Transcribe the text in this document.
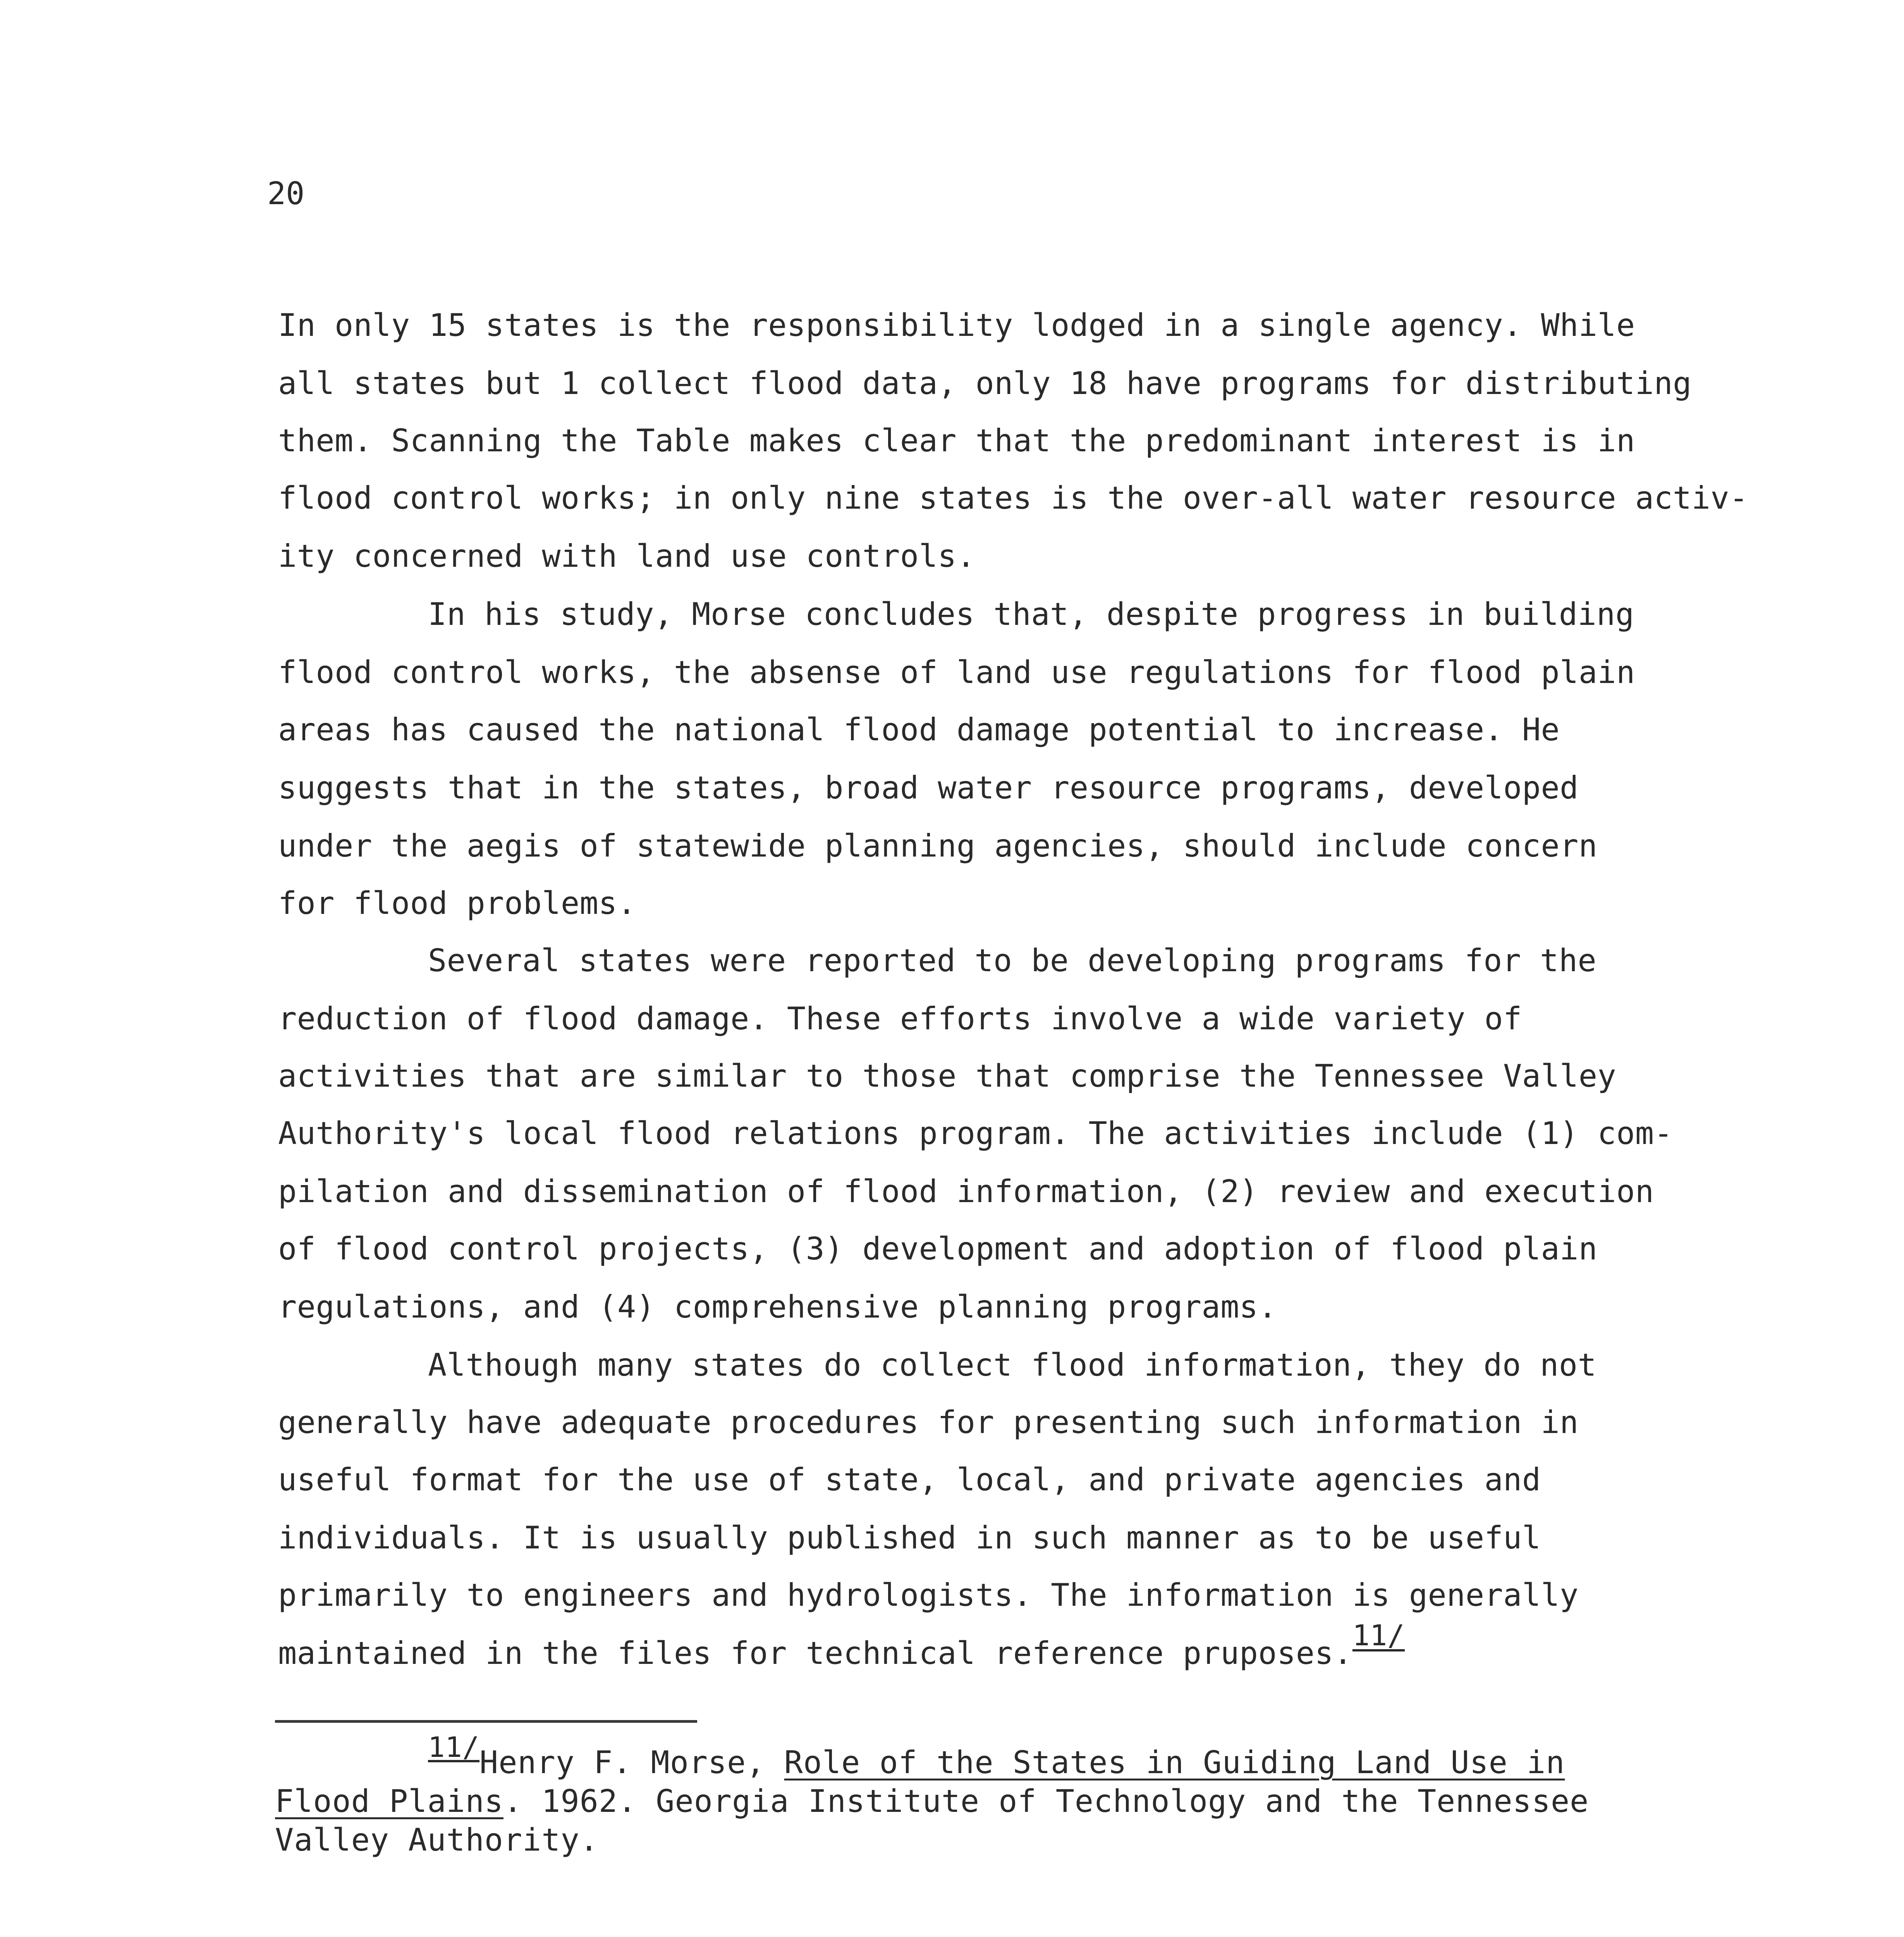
20
In only 15 states is the responsibility lodged in a single agency. While
all states but 1 collect flood data, only 18 have programs for distributing
them. Scanning the Table makes clear that the predominant interest is in
flood control works; in only nine states is the over-all water resource activ-
ity concerned with land use controls.
In his study, Morse concludes that, despite progress in building
flood control works, the absense of land use regulations for flood plain
areas has caused the national flood damage potential to increase. He
suggests that in the states, broad water resource programs, developed
under the aegis of statewide planning agencies, should include concern
for flood problems.
Several states were reported to be developing programs for the
reduction of flood damage. These efforts involve a wide variety of
activities that are similar to those that comprise the Tennessee Valley
Authority's local flood relations program. The activities include (1) com-
pilation and dissemination of flood information, (2) review and execution
of flood control projects, (3) development and adoption of flood plain
regulations, and (4) comprehensive planning programs.
Although many states do collect flood information, they do not
generally have adequate procedures for presenting such information in
useful format for the use of state, local, and private agencies and
individuals. It is usually published in such manner as to be useful
primarily to engineers and hydrologists. The information is generally
maintained in the files for technical reference pruposes.11/
11/Henry F. Morse, Role of the States in Guiding Land Use in
Flood Plains. 1962. Georgia Institute of Technology and the Tennessee
Valley Authority.
